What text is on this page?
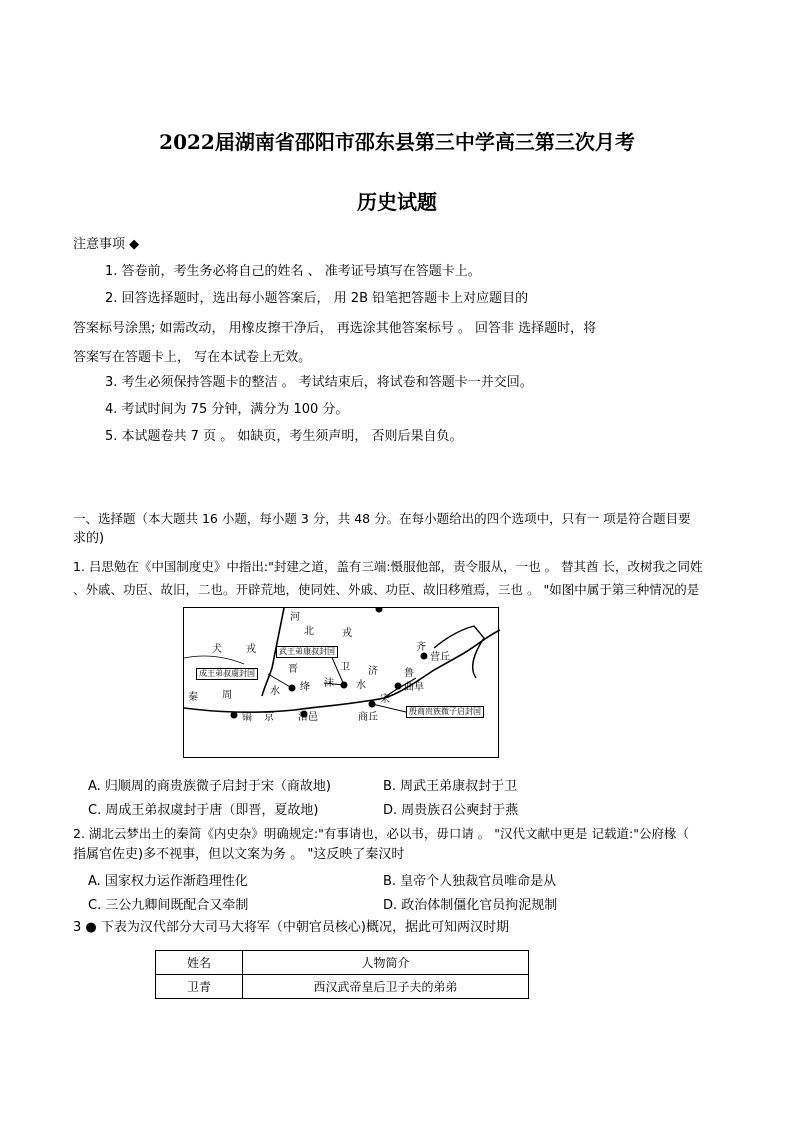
2022届湖南省邵阳市邵东县第三中学高三第三次月考
历史试题
注意事项 ◆
1. 答卷前，考生务必将自己的姓名 、 准考证号填写在答题卡上。
2. 回答选择题时，选出每小题答案后， 用 2B 铅笔把答题卡上对应题目的
答案标号涂黑; 如需改动， 用橡皮擦干净后， 再选涂其他答案标号 。 回答非 选择题时，将
答案写在答题卡上， 写在本试卷上无效。
3. 考生必须保持答题卡的整洁 。 考试结束后，将试卷和答题卡一并交回。
4. 考试时间为 75 分钟，满分为 100 分。
5. 本试题卷共 7 页 。 如缺页，考生须声明， 否则后果自负。
一、选择题（本大题共 16 小题，每小题 3 分，共 48 分。在每小题给出的四个选项中，只有一 项是符合题目要
求的)
1. 吕思勉在《中国制度史》中指出:"封建之道，盖有三端:慑服他部，责令服从，一也 。 替其酋 长，改树我之同姓
、外戚、功臣、故旧，二也。开辟荒地，使同姓、外戚、功臣、故旧移殖焉，三也 。 "如图中属于第三种情况的是
河
北	戎
犬 戎	齐
营丘
晋	卫 济	鲁
水 绛 沫 水	曲阜
秦 周	宋
镐 京 洛邑	商丘
成王弟叔虞封国
武王弟康叔封国
殷商贵族微子启封国
A. 归顺周的商贵族微子启封于宋（商故地)	B. 周武王弟康叔封于卫
C. 周成王弟叔虞封于唐（即晋，夏故地)	D. 周贵族召公奭封于燕
2. 湖北云梦出土的秦简《内史杂》明确规定:"有事请也，必以书，毋口请 。 "汉代文献中更是 记载道:"公府椽（
指属官佐吏)多不视事，但以文案为务 。 "这反映了秦汉时
A. 国家权力运作渐趋理性化	B. 皇帝个人独裁官员唯命是从
C. 三公九卿间既配合又牵制	D. 政治体制僵化官员拘泥规制
3 ● 下表为汉代部分大司马大将军（中朝官员核心)概况，据此可知两汉时期
姓名	人物简介
卫青	西汉武帝皇后卫子夫的弟弟
